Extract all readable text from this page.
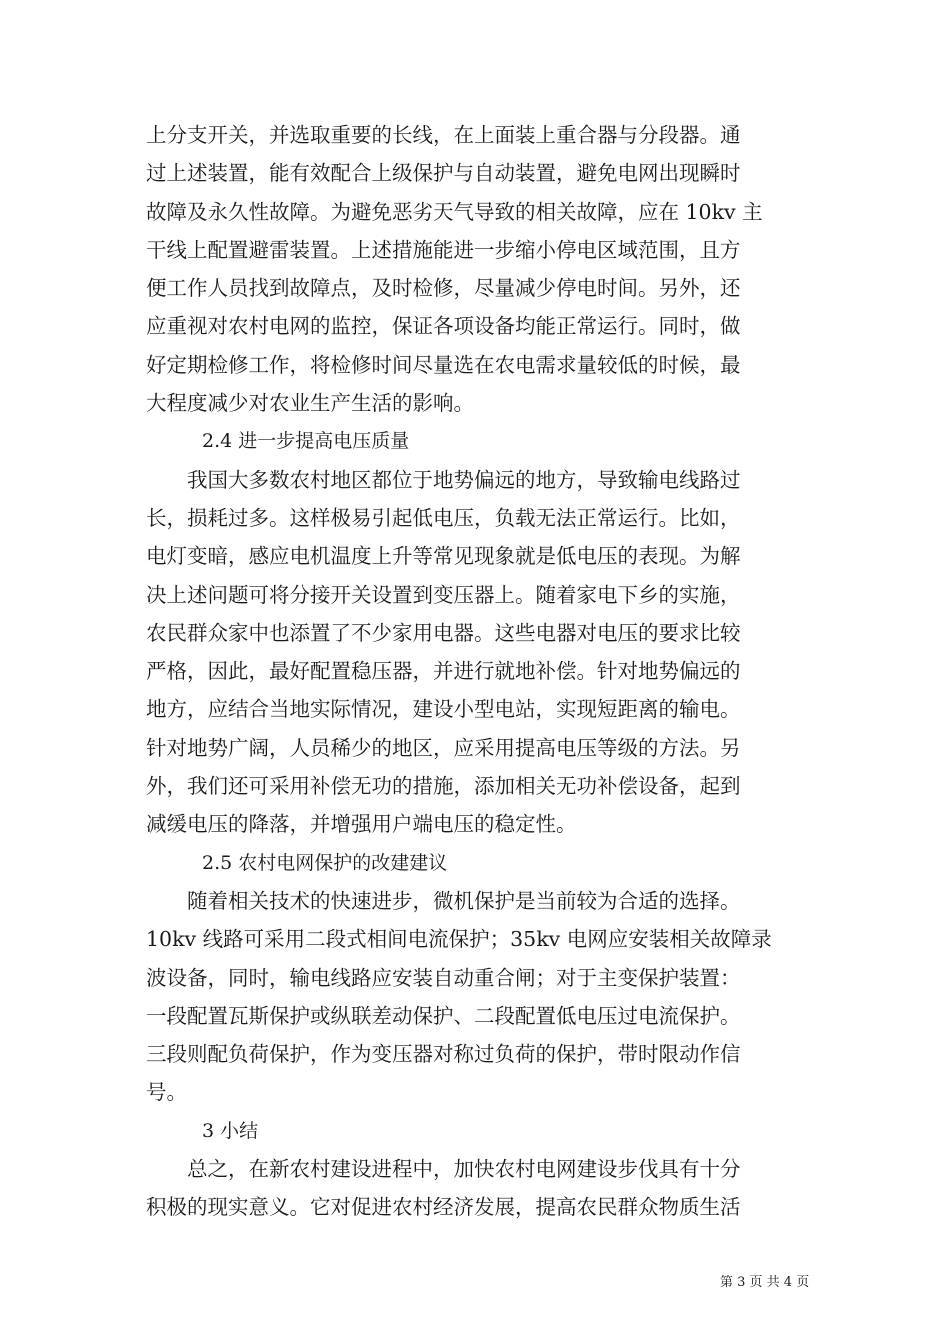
上分支开关，并选取重要的长线，在上面装上重合器与分段器。通
过上述装置，能有效配合上级保护与自动装置，避免电网出现瞬时
故障及永久性故障。为避免恶劣天气导致的相关故障，应在 10kv 主
干线上配置避雷装置。上述措施能进一步缩小停电区域范围，且方
便工作人员找到故障点，及时检修，尽量减少停电时间。另外，还
应重视对农村电网的监控，保证各项设备均能正常运行。同时，做
好定期检修工作，将检修时间尽量选在农电需求量较低的时候，最
大程度减少对农业生产生活的影响。
2.4 进一步提高电压质量
　　我国大多数农村地区都位于地势偏远的地方，导致输电线路过
长，损耗过多。这样极易引起低电压，负载无法正常运行。比如，
电灯变暗，感应电机温度上升等常见现象就是低电压的表现。为解
决上述问题可将分接开关设置到变压器上。随着家电下乡的实施，
农民群众家中也添置了不少家用电器。这些电器对电压的要求比较
严格，因此，最好配置稳压器，并进行就地补偿。针对地势偏远的
地方，应结合当地实际情况，建设小型电站，实现短距离的输电。
针对地势广阔，人员稀少的地区，应采用提高电压等级的方法。另
外，我们还可采用补偿无功的措施，添加相关无功补偿设备，起到
减缓电压的降落，并增强用户端电压的稳定性。
2.5 农村电网保护的改建建议
　　随着相关技术的快速进步，微机保护是当前较为合适的选择。
10kv 线路可采用二段式相间电流保护；35kv 电网应安装相关故障录
波设备，同时，输电线路应安装自动重合闸；对于主变保护装置：
一段配置瓦斯保护或纵联差动保护、二段配置低电压过电流保护。
三段则配负荷保护，作为变压器对称过负荷的保护，带时限动作信
号。
3 小结
　　总之，在新农村建设进程中，加快农村电网建设步伐具有十分
积极的现实意义。它对促进农村经济发展，提高农民群众物质生活
第 3 页 共 4 页
